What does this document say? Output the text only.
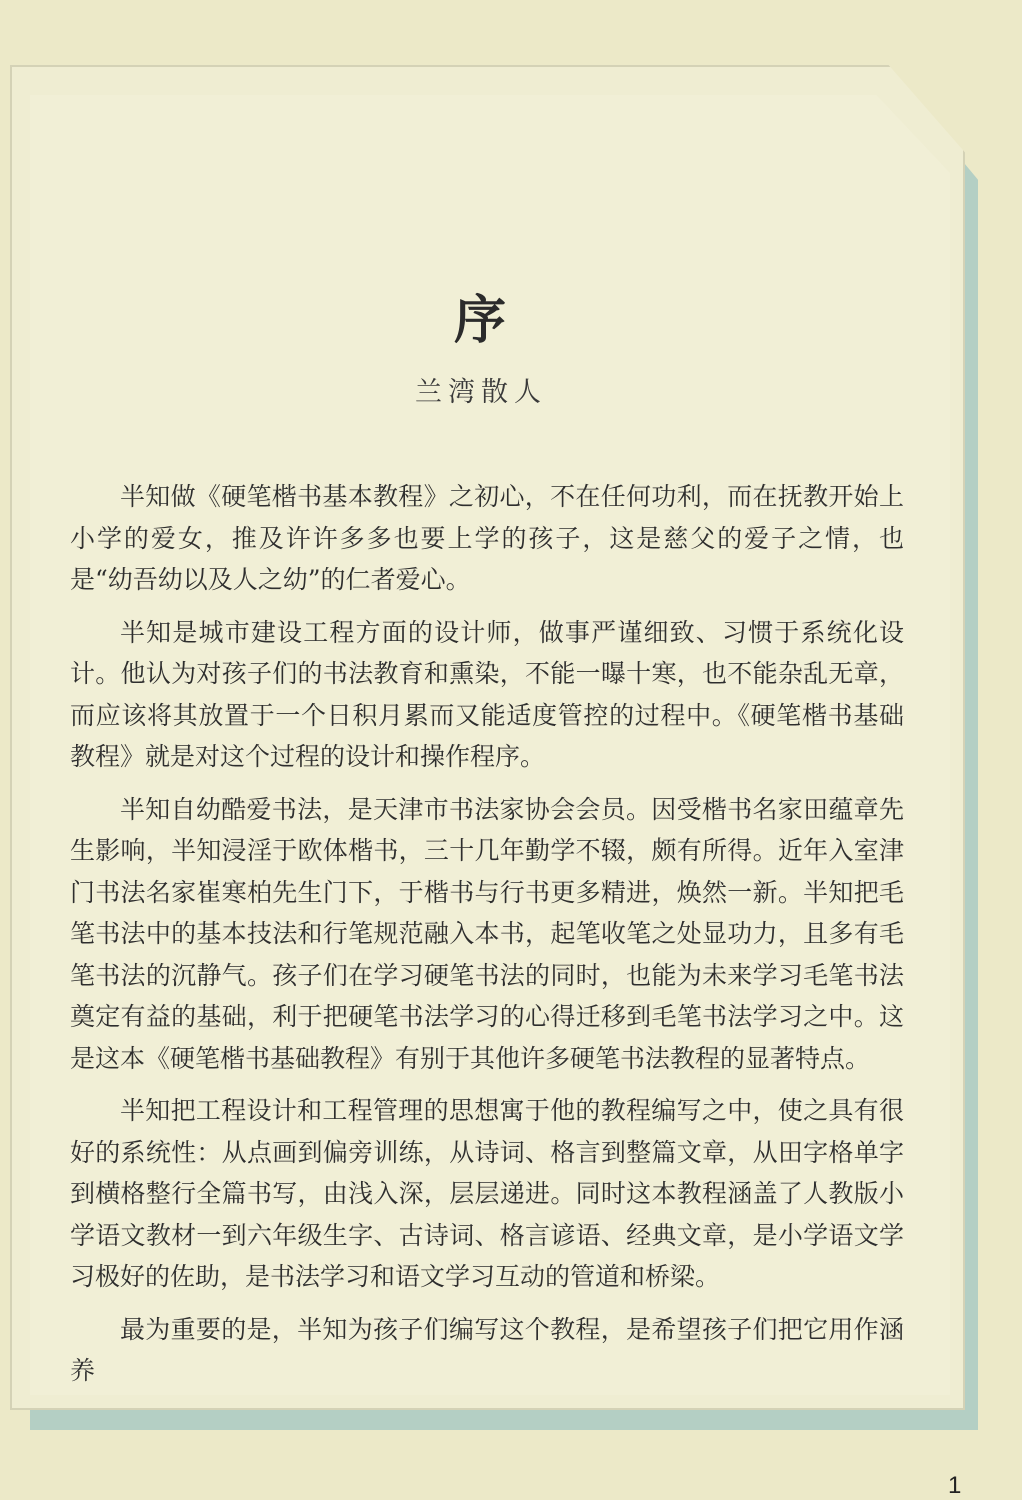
序
兰湾散人

半知做《硬笔楷书基本教程》之初心，不在任何功利，而在抚教开始上小学的爱女，推及许许多多也要上学的孩子，这是慈父的爱子之情，也是“幼吾幼以及人之幼”的仁者爱心。

半知是城市建设工程方面的设计师，做事严谨细致、习惯于系统化设计。他认为对孩子们的书法教育和熏染，不能一曝十寒，也不能杂乱无章，而应该将其放置于一个日积月累而又能适度管控的过程中。《硬笔楷书基础教程》就是对这个过程的设计和操作程序。

半知自幼酷爱书法，是天津市书法家协会会员。因受楷书名家田蕴章先生影响，半知浸淫于欧体楷书，三十几年勤学不辍，颇有所得。近年入室津门书法名家崔寒柏先生门下，于楷书与行书更多精进，焕然一新。半知把毛笔书法中的基本技法和行笔规范融入本书，起笔收笔之处显功力，且多有毛笔书法的沉静气。孩子们在学习硬笔书法的同时，也能为未来学习毛笔书法奠定有益的基础，利于把硬笔书法学习的心得迁移到毛笔书法学习之中。这是这本《硬笔楷书基础教程》有别于其他许多硬笔书法教程的显著特点。

半知把工程设计和工程管理的思想寓于他的教程编写之中，使之具有很好的系统性：从点画到偏旁训练，从诗词、格言到整篇文章，从田字格单字到横格整行全篇书写，由浅入深，层层递进。同时这本教程涵盖了人教版小学语文教材一到六年级生字、古诗词、格言谚语、经典文章，是小学语文学习极好的佐助，是书法学习和语文学习互动的管道和桥梁。

最为重要的是，半知为孩子们编写这个教程，是希望孩子们把它用作涵养

1
